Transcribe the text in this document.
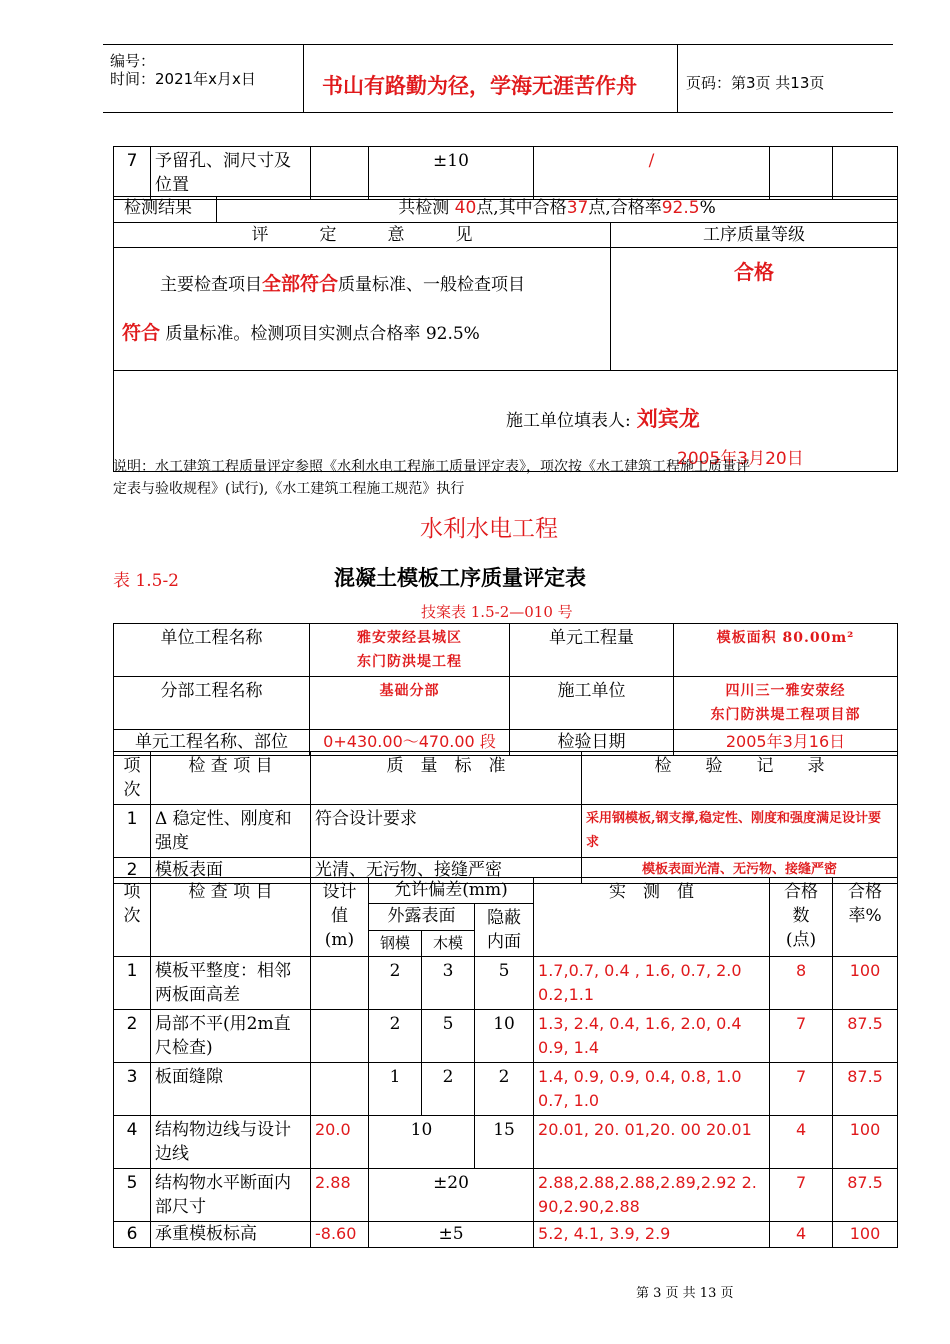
编号：
时间：2021年x月x日	书山有路勤为径，学海无涯苦作舟	页码：第3页 共13页
7	予留孔、洞尺寸及位置		±10	/		
检测结果	共检测 40点,其中合格37点,合格率92.5%
评　　　定　　　意　　　见	工序质量等级
主要检查项目全部符合质量标准、一般检查项目
符合 质量标准。检测项目实测点合格率 92.5%	合格

施工单位填表人: 刘宾龙
2005年3月20日	
说明：水工建筑工程质量评定参照《水利水电工程施工质量评定表》，项次按《水工建筑工程施工质量评
定表与验收规程》(试行),《水工建筑工程施工规范》执行
水利水电工程
表 1.5-2	混凝土模板工序质量评定表
技案表 1.5-2—010 号
单位工程名称	雅安荥经县城区
东门防洪堤工程	单元工程量	模板面积 80.00m²
分部工程名称	基础分部	施工单位	四川三一雅安荥经
东门防洪堤工程项目部

单元工程名称、部位	0+430.00～470.00 段	检验日期	2005年3月16日
项次	检 查 项 目	质　量　标　准	检　　验　　记　　录
1	Δ 稳定性、刚度和强度	符合设计要求	采用钢模板,钢支撑,稳定性、刚度和强度满足设计要求
2	模板表面	光清、无污物、接缝严密	模板表面光清、无污物、接缝严密
项次	检 查 项 目	设计值(m)	允许偏差(mm)			实　测　值	合格数(点)	合格率%
			外露表面		隐蔽内面			
			钢模	木模				
1	模板平整度：相邻两板面高差		2	3	5	1.7,0.7, 0.4 , 1.6, 0.7, 2.0 0.2,1.1	8	100
2	局部不平(用2m直尺检查)		2	5	10	1.3, 2.4, 0.4, 1.6, 2.0, 0.4 0.9, 1.4	7	87.5
3	板面缝隙		1	2	2	1.4, 0.9, 0.9, 0.4, 0.8, 1.0 0.7, 1.0	7	87.5
4	结构物边线与设计边线	20.0	10		15	20.01, 20. 01,20. 00 20.01	4	100
5	结构物水平断面内部尺寸	2.88	±20			2.88,2.88,2.88,2.89,2.92 2. 90,2.90,2.88	7	87.5
6	承重模板标高	-8.60	±5			5.2, 4.1, 3.9, 2.9	4	100
第 3 页 共 13 页
